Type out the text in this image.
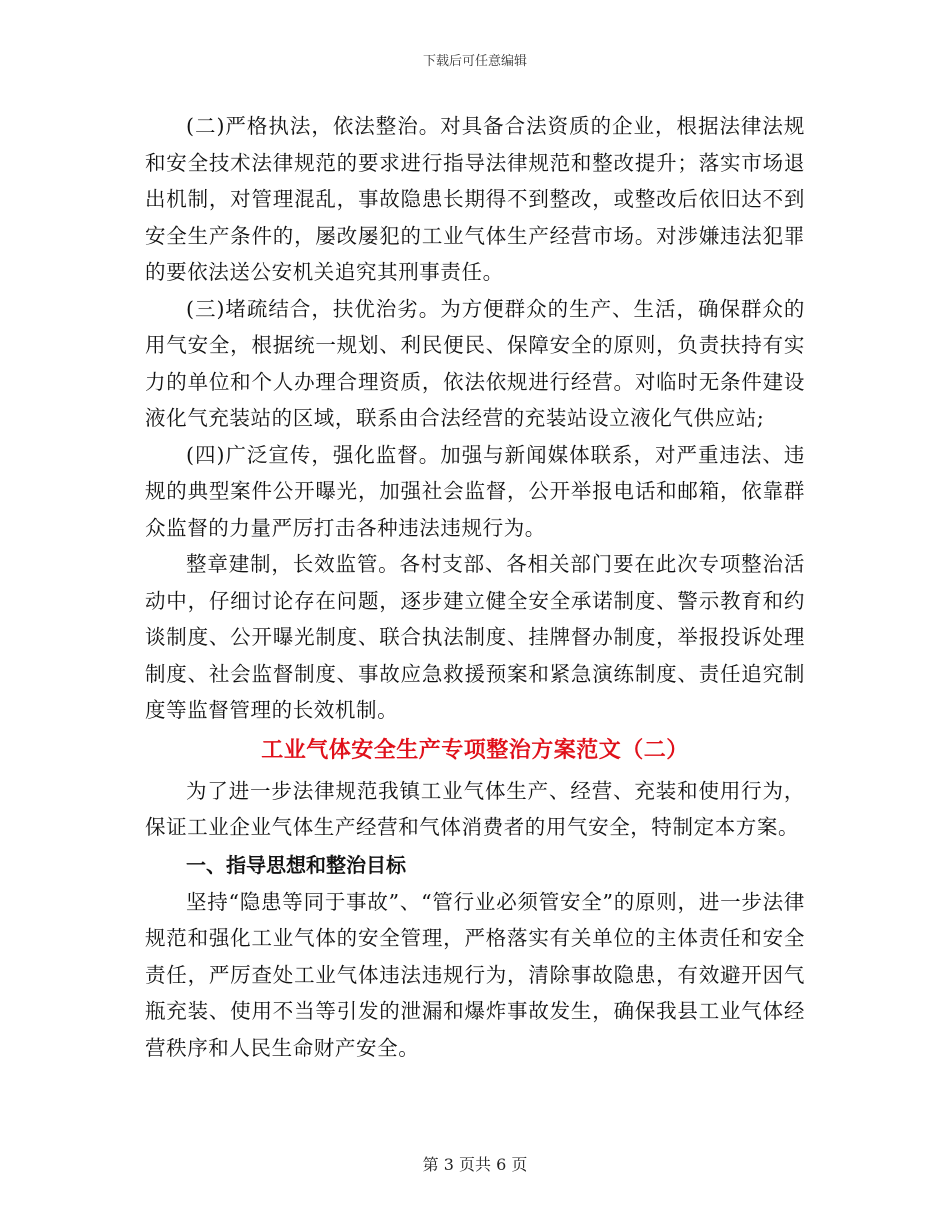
下载后可任意编辑

(二)严格执法，依法整治。对具备合法资质的企业，根据法律法规和安全技术法律规范的要求进行指导法律规范和整改提升；落实市场退出机制，对管理混乱，事故隐患长期得不到整改，或整改后依旧达不到安全生产条件的，屡改屡犯的工业气体生产经营市场。对涉嫌违法犯罪的要依法送公安机关追究其刑事责任。

(三)堵疏结合，扶优治劣。为方便群众的生产、生活，确保群众的用气安全，根据统一规划、利民便民、保障安全的原则，负责扶持有实力的单位和个人办理合理资质，依法依规进行经营。对临时无条件建设液化气充装站的区域，联系由合法经营的充装站设立液化气供应站;

(四)广泛宣传，强化监督。加强与新闻媒体联系，对严重违法、违规的典型案件公开曝光，加强社会监督，公开举报电话和邮箱，依靠群众监督的力量严厉打击各种违法违规行为。

整章建制，长效监管。各村支部、各相关部门要在此次专项整治活动中，仔细讨论存在问题，逐步建立健全安全承诺制度、警示教育和约谈制度、公开曝光制度、联合执法制度、挂牌督办制度，举报投诉处理制度、社会监督制度、事故应急救援预案和紧急演练制度、责任追究制度等监督管理的长效机制。

工业气体安全生产专项整治方案范文（二）

为了进一步法律规范我镇工业气体生产、经营、充装和使用行为，保证工业企业气体生产经营和气体消费者的用气安全，特制定本方案。

一、指导思想和整治目标

坚持“隐患等同于事故”、“管行业必须管安全”的原则，进一步法律规范和强化工业气体的安全管理，严格落实有关单位的主体责任和安全责任，严厉查处工业气体违法违规行为，清除事故隐患，有效避开因气瓶充装、使用不当等引发的泄漏和爆炸事故发生，确保我县工业气体经营秩序和人民生命财产安全。

第 3 页共 6 页
